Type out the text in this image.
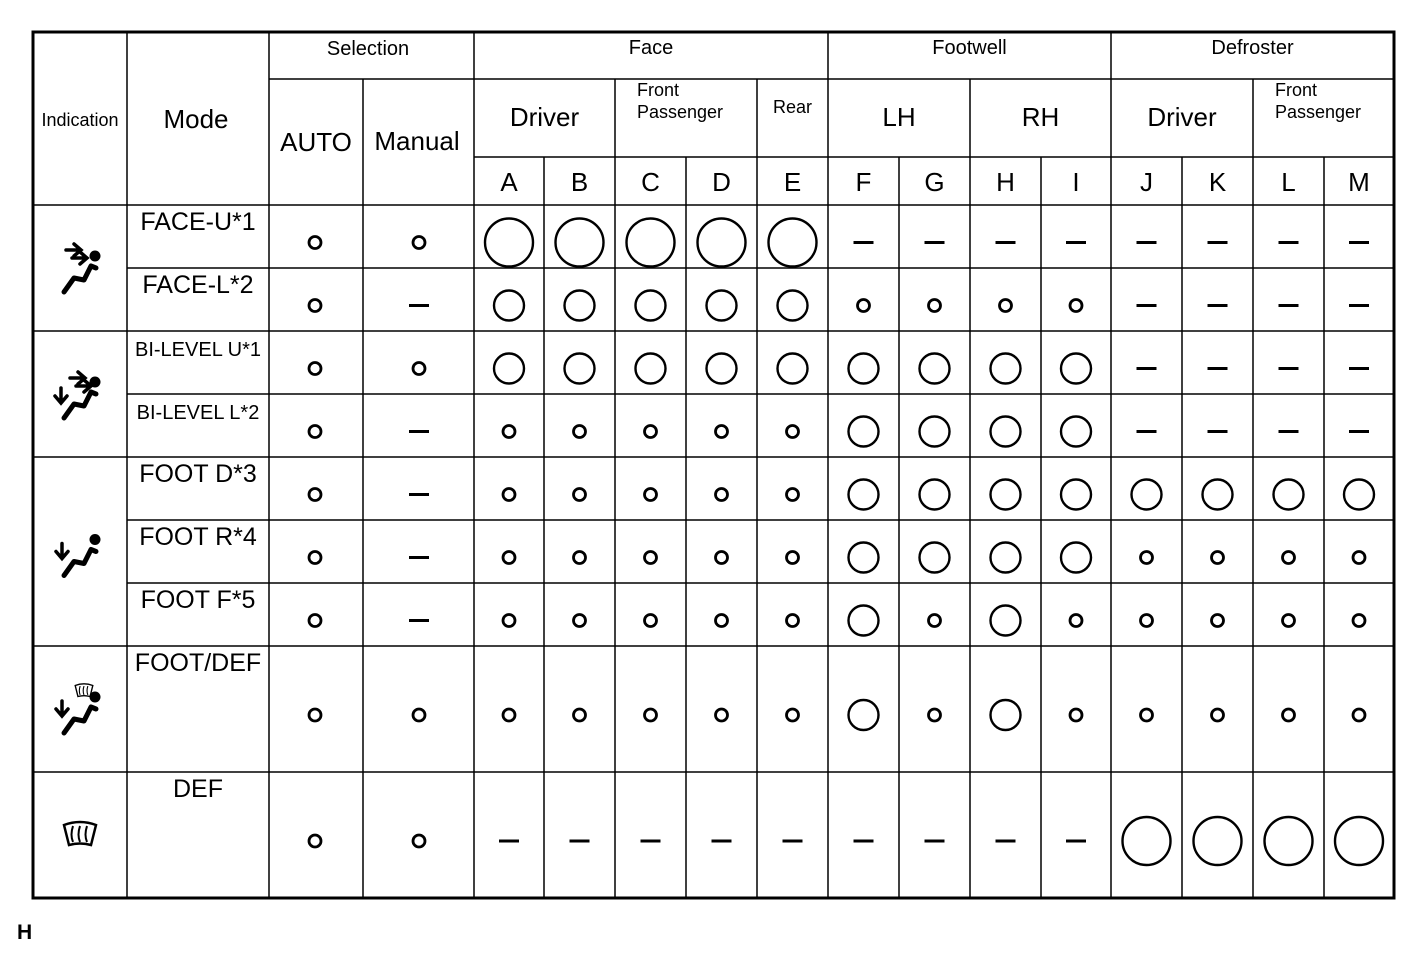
Indication Mode
Selection
AUTO Manual
Face
Driver
A B
Front
Passenger
C D
Rear
E
Footwell
LH
F G
RH
H I
Defroster
Driver
J K
Front
Passenger
L M
FACE-U*1
FACE-L*2
BI-LEVEL U*1
BI-LEVEL L*2
FOOT D*3
FOOT R*4
FOOT F*5
FOOT/DEF
DEF
H
